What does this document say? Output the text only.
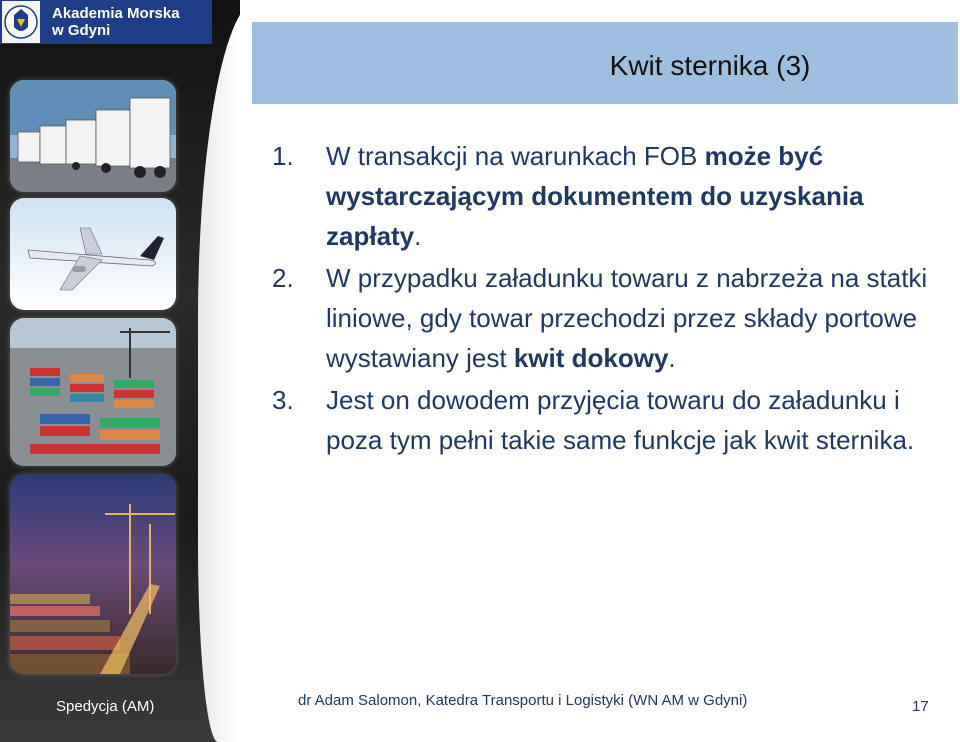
Akademia Morska
w Gdyni
Spedycja (AM)
Kwit sternika (3)
1.	W transakcji na warunkach FOB może być wystarczającym dokumentem do uzyskania zapłaty.
2.	W przypadku załadunku towaru z nabrzeża na statki liniowe, gdy towar przechodzi przez składy portowe wystawiany jest kwit dokowy.
3.	Jest on dowodem przyjęcia towaru do załadunku i poza tym pełni takie same funkcje jak kwit sternika.
dr Adam Salomon, Katedra Transportu i Logistyki (WN AM w Gdyni)	17
